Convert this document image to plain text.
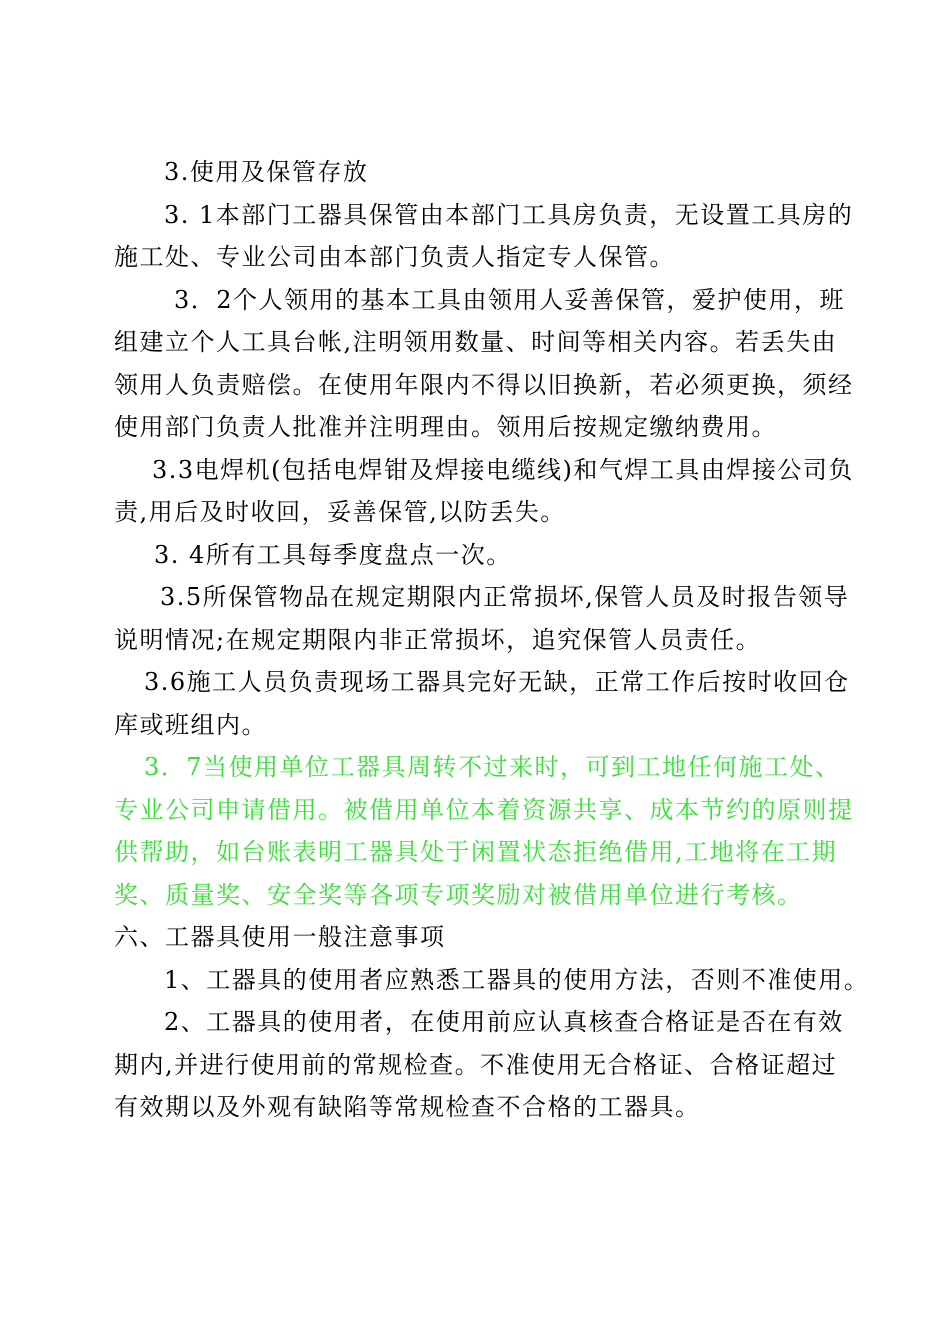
3.使用及保管存放
3. 1本部门工器具保管由本部门工具房负责，无设置工具房的
施工处、专业公司由本部门负责人指定专人保管。
3．2个人领用的基本工具由领用人妥善保管，爱护使用，班
组建立个人工具台帐,注明领用数量、时间等相关内容。若丢失由
领用人负责赔偿。在使用年限内不得以旧换新，若必须更换，须经
使用部门负责人批准并注明理由。领用后按规定缴纳费用。
3.3电焊机(包括电焊钳及焊接电缆线)和气焊工具由焊接公司负
责,用后及时收回，妥善保管,以防丢失。
3. 4所有工具每季度盘点一次。
3.5所保管物品在规定期限内正常损坏,保管人员及时报告领导
说明情况;在规定期限内非正常损坏，追究保管人员责任。
3.6施工人员负责现场工器具完好无缺，正常工作后按时收回仓
库或班组内。
3．7当使用单位工器具周转不过来时，可到工地任何施工处、
专业公司申请借用。被借用单位本着资源共享、成本节约的原则提
供帮助，如台账表明工器具处于闲置状态拒绝借用,工地将在工期
奖、质量奖、安全奖等各项专项奖励对被借用单位进行考核。
六、工器具使用一般注意事项
1、工器具的使用者应熟悉工器具的使用方法，否则不准使用。
2、工器具的使用者，在使用前应认真核查合格证是否在有效
期内,并进行使用前的常规检查。不准使用无合格证、合格证超过
有效期以及外观有缺陷等常规检查不合格的工器具。
